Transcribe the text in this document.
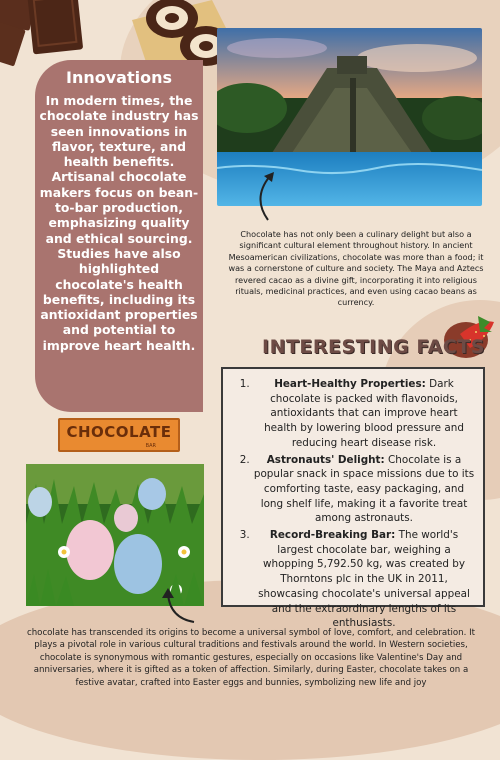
Innovations

In modern times, the chocolate industry has seen innovations in flavor, texture, and health benefits. Artisanal chocolate makers focus on bean-to-bar production, emphasizing quality and ethical sourcing. Studies have also highlighted chocolate's health benefits, including its antioxidant properties and potential to improve heart health.

Chocolate has not only been a culinary delight but also a significant cultural element throughout history. In ancient Mesoamerican civilizations, chocolate was more than a food; it was a cornerstone of culture and society. The Maya and Aztecs revered cacao as a divine gift, incorporating it into religious rituals, medicinal practices, and even using cacao beans as currency.
INTERESTING FACTS
1. Heart-Healthy Properties: Dark chocolate is packed with flavonoids, antioxidants that can improve heart health by lowering blood pressure and reducing heart disease risk.
2. Astronauts' Delight: Chocolate is a popular snack in space missions due to its comforting taste, easy packaging, and long shelf life, making it a favorite treat among astronauts.
3. Record-Breaking Bar: The world's largest chocolate bar, weighing a whopping 5,792.50 kg, was created by Thorntons plc in the UK in 2011, showcasing chocolate's universal appeal and the extraordinary lengths of its enthusiasts.
CHOCOLATE
BAR
chocolate has transcended its origins to become a universal symbol of love, comfort, and celebration. It plays a pivotal role in various cultural traditions and festivals around the world. In Western societies, chocolate is synonymous with romantic gestures, especially on occasions like Valentine's Day and anniversaries, where it is gifted as a token of affection. Similarly, during Easter, chocolate takes on a festive avatar, crafted into Easter eggs and bunnies, symbolizing new life and joy
